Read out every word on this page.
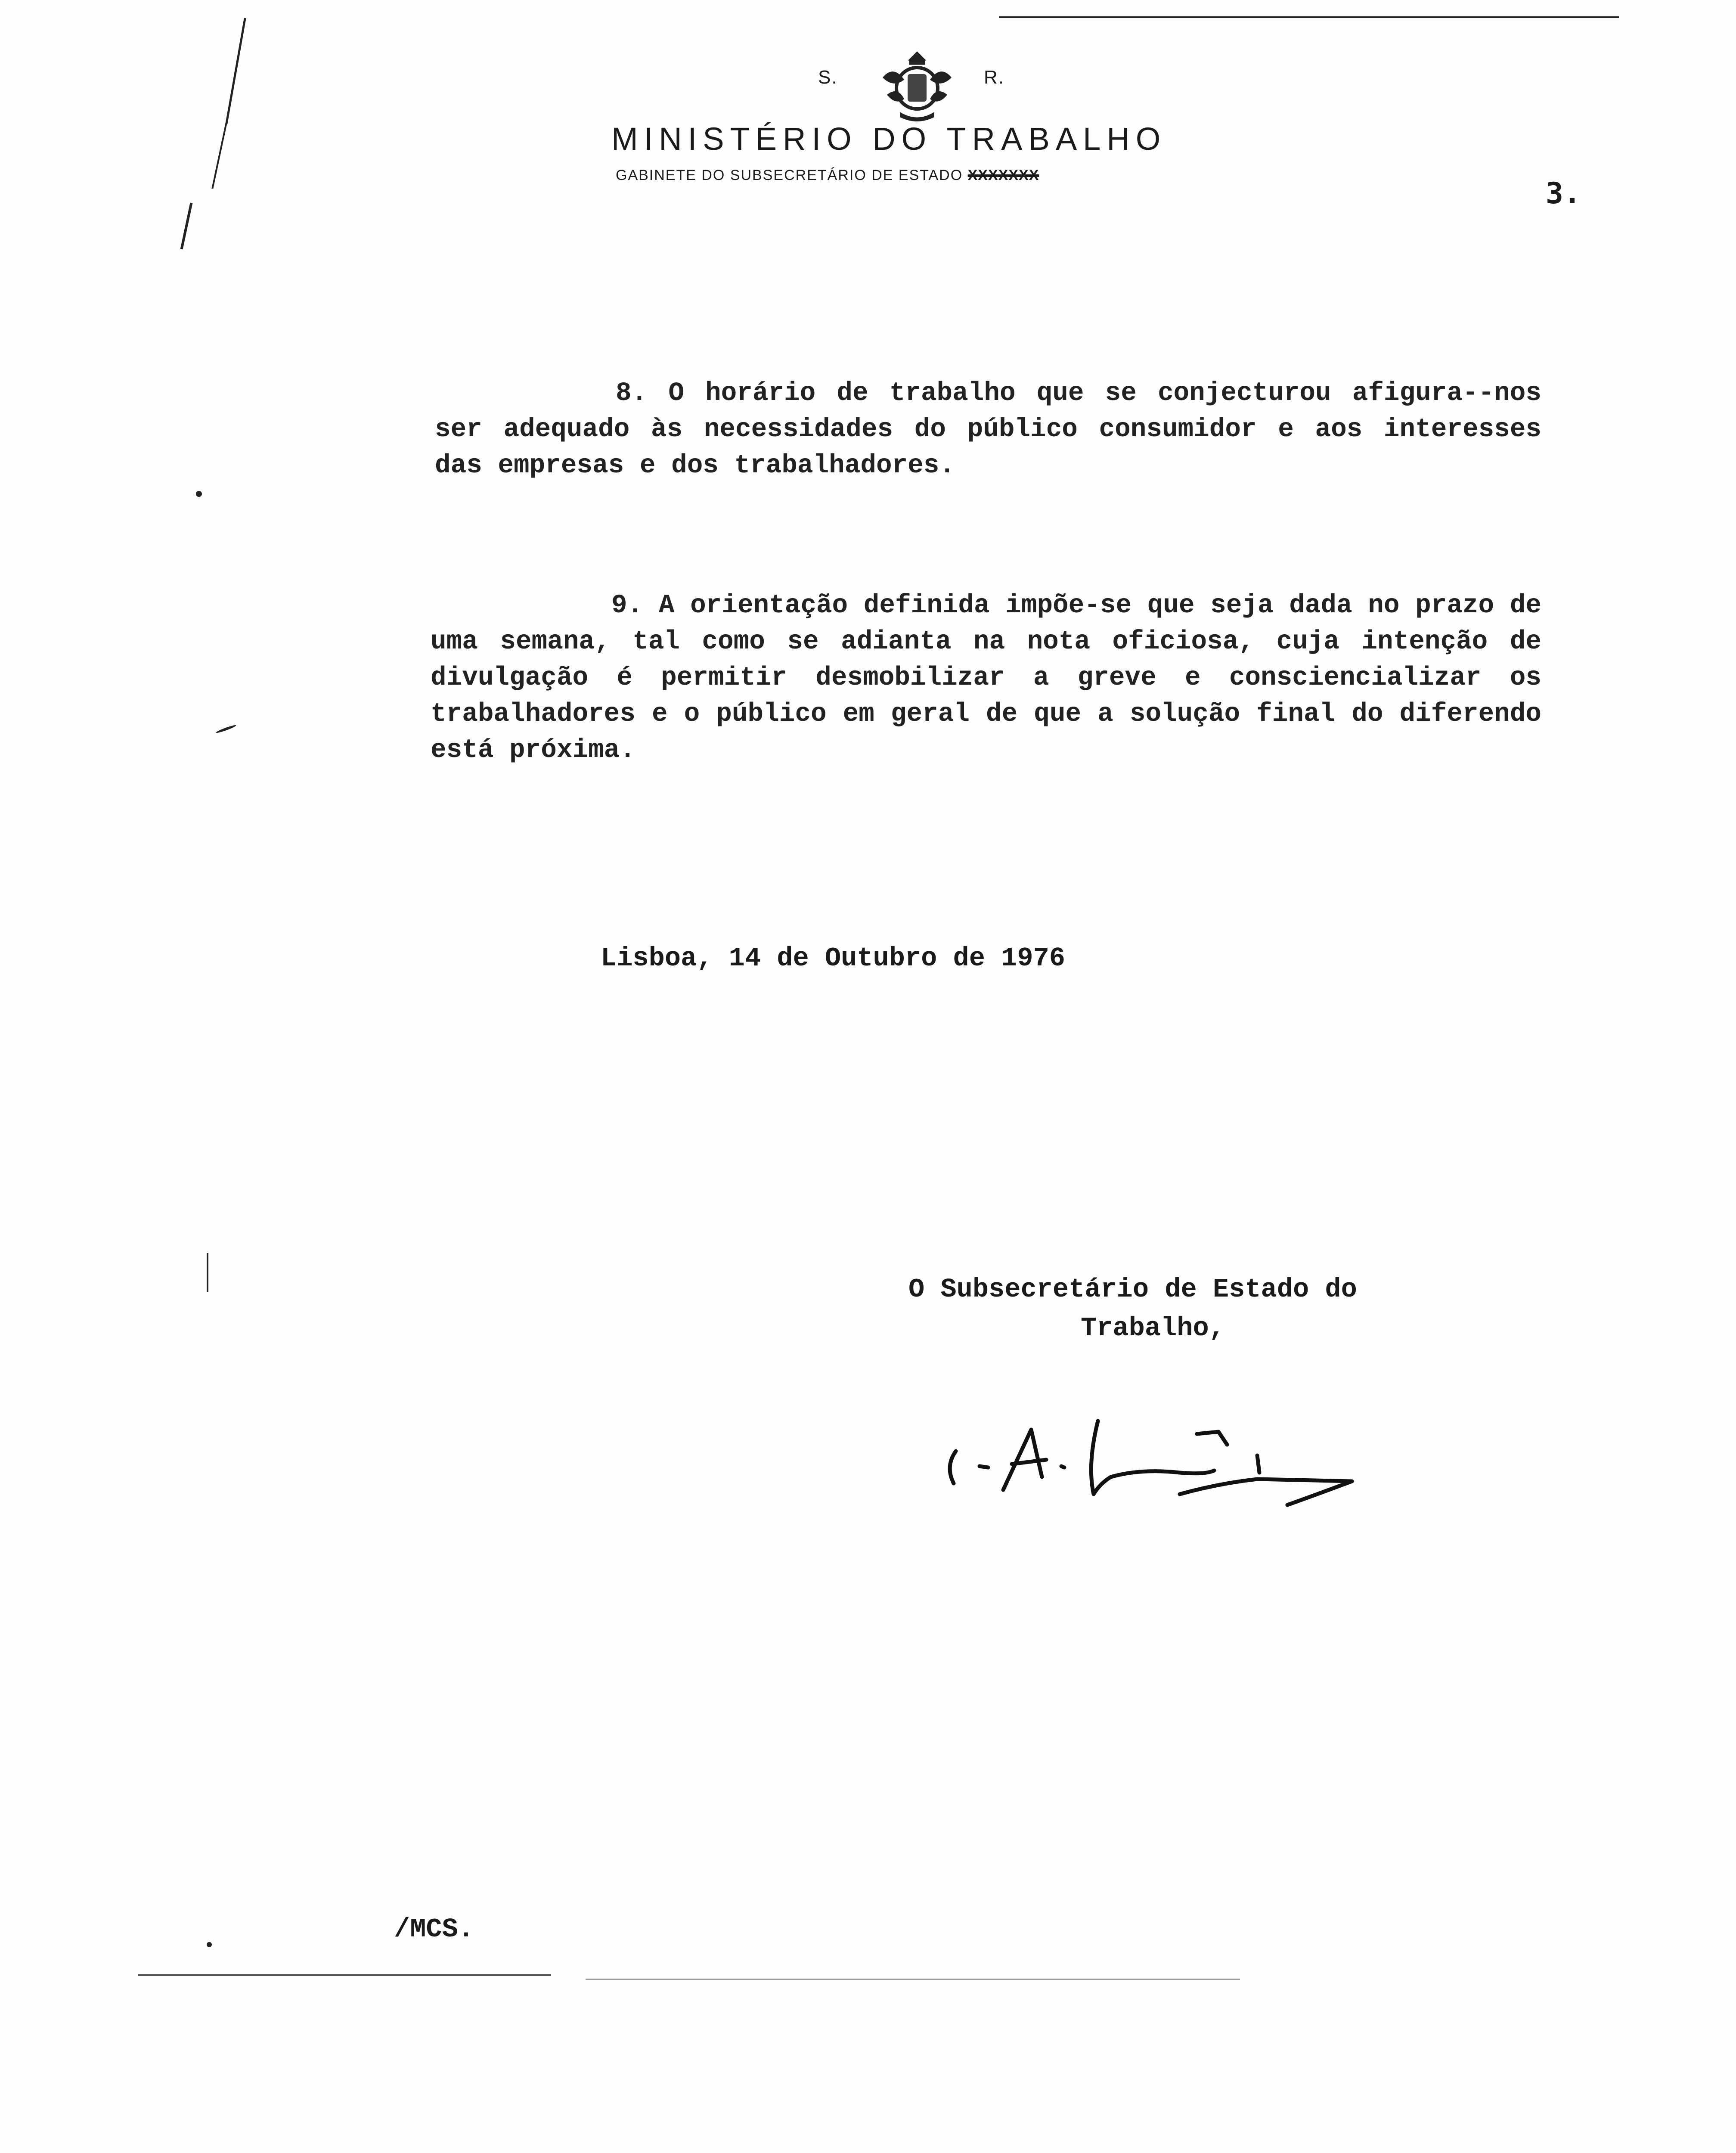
S.	R.
MINISTÉRIO DO TRABALHO
GABINETE DO SUBSECRETÁRIO DE ESTADO XXXXXXX
3.
8. O horário de trabalho que se conjecturou afigura--nos ser adequado às necessidades do público consumidor e aos interesses das empresas e dos trabalhadores.
9. A orientação definida impõe-se que seja dada no prazo de uma semana, tal como se adianta na nota oficiosa, cuja intenção de divulgação é permitir desmobilizar a greve e consciencializar os trabalhadores e o público em geral de que a solução final do diferendo está próxima.
Lisboa, 14 de Outubro de 1976
O Subsecretário de Estado do
Trabalho,
/MCS.
